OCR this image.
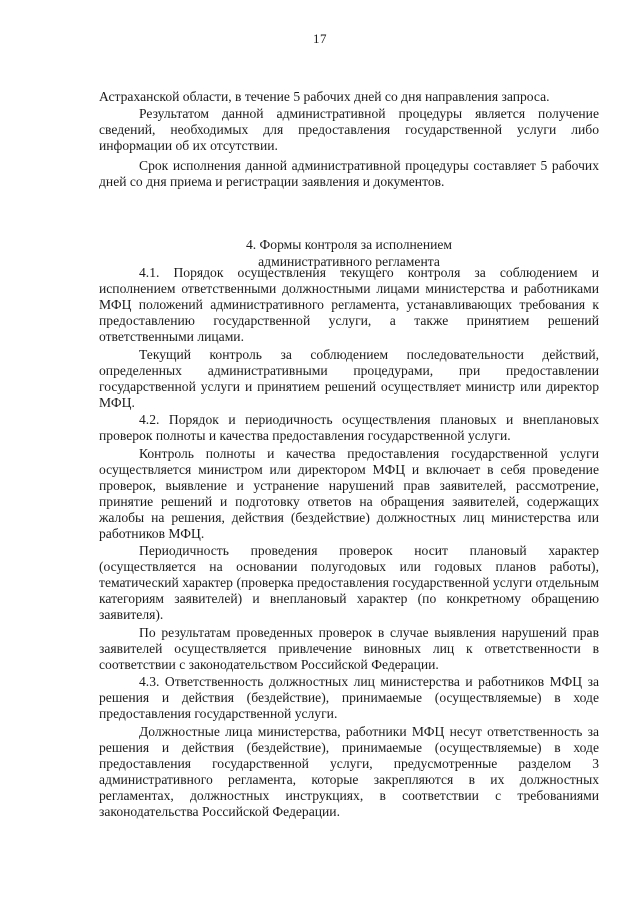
17

Астраханской области, в течение 5 рабочих дней со дня направления запроса.

Результатом данной административной процедуры является получение сведений, необходимых для предоставления государственной услуги либо информации об их отсутствии.

Срок исполнения данной административной процедуры составляет 5 рабочих дней со дня приема и регистрации заявления и документов.

4. Формы контроля за исполнением
административного регламента

4.1. Порядок осуществления текущего контроля за соблюдением и исполнением ответственными должностными лицами министерства и работниками МФЦ положений административного регламента, устанавливающих требования к предоставлению государственной услуги, а также принятием решений ответственными лицами.

Текущий контроль за соблюдением последовательности действий, определенных административными процедурами, при предоставлении государственной услуги и принятием решений осуществляет министр или директор МФЦ.

4.2. Порядок и периодичность осуществления плановых и внеплановых проверок полноты и качества предоставления государственной услуги.

Контроль полноты и качества предоставления государственной услуги осуществляется министром или директором МФЦ и включает в себя проведение проверок, выявление и устранение нарушений прав заявителей, рассмотрение, принятие решений и подготовку ответов на обращения заявителей, содержащих жалобы на решения, действия (бездействие) должностных лиц министерства или работников МФЦ.

Периодичность проведения проверок носит плановый характер (осуществляется на основании полугодовых или годовых планов работы), тематический характер (проверка предоставления государственной услуги отдельным категориям заявителей) и внеплановый характер (по конкретному обращению заявителя).

По результатам проведенных проверок в случае выявления нарушений прав заявителей осуществляется привлечение виновных лиц к ответственности в соответствии с законодательством Российской Федерации.

4.3. Ответственность должностных лиц министерства и работников МФЦ за решения и действия (бездействие), принимаемые (осуществляемые) в ходе предоставления государственной услуги.

Должностные лица министерства, работники МФЦ несут ответственность за решения и действия (бездействие), принимаемые (осуществляемые) в ходе предоставления государственной услуги, предусмотренные разделом 3 административного регламента, которые закрепляются в их должностных регламентах, должностных инструкциях, в соответствии с требованиями законодательства Российской Федерации.
